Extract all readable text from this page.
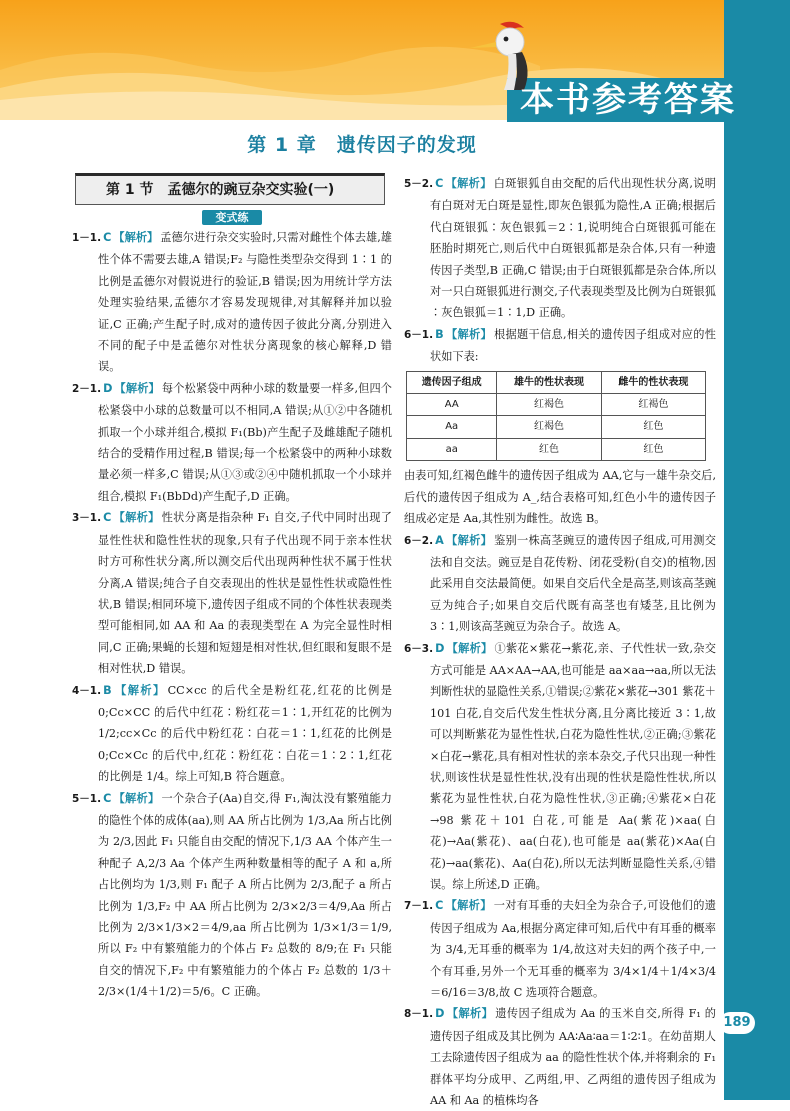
本书参考答案
第 1 章　遗传因子的发现
第 1 节　孟德尔的豌豆杂交实验(一)
变式练
1－1. C 【解析】 孟德尔进行杂交实验时,只需对雌性个体去雄,雄性个体不需要去雄,A 错误;F₂ 与隐性类型杂交得到 1∶1 的比例是孟德尔对假说进行的验证,B 错误;因为用统计学方法处理实验结果,孟德尔才容易发现规律,对其解释并加以验证,C 正确;产生配子时,成对的遗传因子彼此分离,分别进入不同的配子中是孟德尔对性状分离现象的核心解释,D 错误。
2－1. D 【解析】 每个松紧袋中两种小球的数量要一样多,但四个松紧袋中小球的总数量可以不相同,A 错误;从①②中各随机抓取一个小球并组合,模拟 F₁(Bb)产生配子及雌雄配子随机结合的受精作用过程,B 错误;每一个松紧袋中的两种小球数量必须一样多,C 错误;从①③或②④中随机抓取一个小球并组合,模拟 F₁(BbDd)产生配子,D 正确。
3－1. C 【解析】 性状分离是指杂种 F₁ 自交,子代中同时出现了显性性状和隐性性状的现象,只有子代出现不同于亲本性状时方可称性状分离,所以测交后代出现两种性状不属于性状分离,A 错误;纯合子自交表现出的性状是显性性状或隐性性状,B 错误;相同环境下,遗传因子组成不同的个体性状表现类型可能相同,如 AA 和 Aa 的表现类型在 A 为完全显性时相同,C 正确;果蝇的长翅和短翅是相对性状,但红眼和复眼不是相对性状,D 错误。
4－1. B 【解析】 CC×cc 的后代全是粉红花,红花的比例是 0;Cc×CC 的后代中红花∶粉红花＝1∶1,开红花的比例为 1/2;cc×Cc 的后代中粉红花∶白花＝1∶1,红花的比例是 0;Cc×Cc 的后代中,红花∶粉红花∶白花＝1∶2∶1,红花的比例是 1/4。综上可知,B 符合题意。
5－1. C 【解析】 一个杂合子(Aa)自交,得 F₁,淘汰没有繁殖能力的隐性个体的成体(aa),则 AA 所占比例为 1/3,Aa 所占比例为 2/3,因此 F₁ 只能自由交配的情况下,1/3 AA 个体产生一种配子 A,2/3 Aa 个体产生两种数量相等的配子 A 和 a,所占比例均为 1/3,则 F₁ 配子 A 所占比例为 2/3,配子 a 所占比例为 1/3,F₂ 中 AA 所占比例为 2/3×2/3＝4/9,Aa 所占比例为 2/3×1/3×2＝4/9,aa 所占比例为 1/3×1/3＝1/9,所以 F₂ 中有繁殖能力的个体占 F₂ 总数的 8/9;在 F₁ 只能自交的情况下,F₂ 中有繁殖能力的个体占 F₂ 总数的 1/3＋2/3×(1/4＋1/2)＝5/6。C 正确。
5－2. C 【解析】 白斑银狐自由交配的后代出现性状分离,说明有白斑对无白斑是显性,即灰色银狐为隐性,A 正确;根据后代白斑银狐∶灰色银狐＝2∶1,说明纯合白斑银狐可能在胚胎时期死亡,则后代中白斑银狐都是杂合体,只有一种遗传因子类型,B 正确,C 错误;由于白斑银狐都是杂合体,所以对一只白斑银狐进行测交,子代表现类型及比例为白斑银狐∶灰色银狐＝1∶1,D 正确。
6－1. B 【解析】 根据题干信息,相关的遗传因子组成对应的性状如下表:
遗传因子组成	雄牛的性状表现	雌牛的性状表现
AA	红褐色	红褐色
Aa	红褐色	红色
aa	红色	红色
由表可知,红褐色雌牛的遗传因子组成为 AA,它与一雄牛杂交后,后代的遗传因子组成为 A_,结合表格可知,红色小牛的遗传因子组成必定是 Aa,其性别为雌性。故选 B。
6－2. A 【解析】 鉴别一株高茎豌豆的遗传因子组成,可用测交法和自交法。豌豆是自花传粉、闭花受粉(自交)的植物,因此采用自交法最简便。如果自交后代全是高茎,则该高茎豌豆为纯合子;如果自交后代既有高茎也有矮茎,且比例为 3∶1,则该高茎豌豆为杂合子。故选 A。
6－3. D 【解析】 ①紫花×紫花→紫花,亲、子代性状一致,杂交方式可能是 AA×AA→AA,也可能是 aa×aa→aa,所以无法判断性状的显隐性关系,①错误;②紫花×紫花→301 紫花＋101 白花,自交后代发生性状分离,且分离比接近 3∶1,故可以判断紫花为显性性状,白花为隐性性状,②正确;③紫花×白花→紫花,具有相对性状的亲本杂交,子代只出现一种性状,则该性状是显性性状,没有出现的性状是隐性性状,所以紫花为显性性状,白花为隐性性状,③正确;④紫花×白花→98 紫花＋101 白花,可能是 Aa(紫花)×aa(白花)→Aa(紫花)、aa(白花),也可能是 aa(紫花)×Aa(白花)→aa(紫花)、Aa(白花),所以无法判断显隐性关系,④错误。综上所述,D 正确。
7－1. C 【解析】 一对有耳垂的夫妇全为杂合子,可设他们的遗传因子组成为 Aa,根据分离定律可知,后代中有耳垂的概率为 3/4,无耳垂的概率为 1/4,故这对夫妇的两个孩子中,一个有耳垂,另外一个无耳垂的概率为 3/4×1/4＋1/4×3/4＝6/16＝3/8,故 C 选项符合题意。
8－1. D 【解析】 遗传因子组成为 Aa 的玉米自交,所得 F₁ 的遗传因子组成及其比例为 AA∶Aa∶aa＝1∶2∶1。在幼苗期人工去除遗传因子组成为 aa 的隐性性状个体,并将剩余的 F₁ 群体平均分成甲、乙两组,甲、乙两组的遗传因子组成为 AA 和 Aa 的植株均各
189
